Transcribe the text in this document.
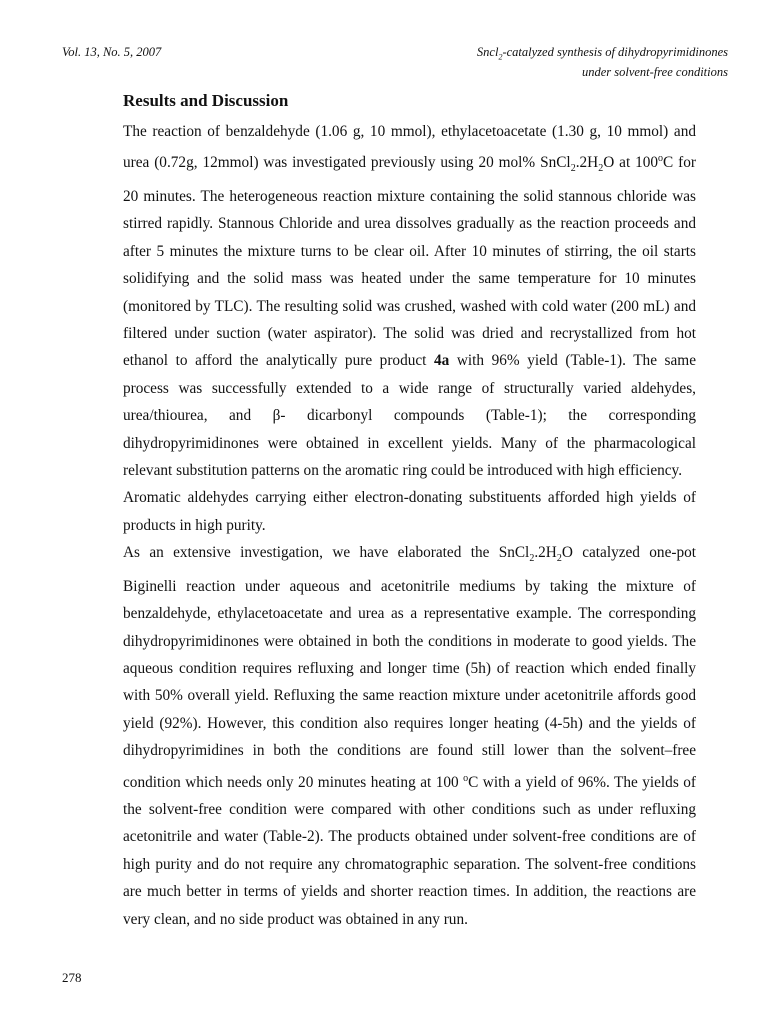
Vol. 13, No. 5, 2007	Sncl$_2$-catalyzed synthesis of dihydropyrimidinones
under solvent-free conditions
Results and Discussion

The reaction of benzaldehyde (1.06 g, 10 mmol), ethylacetoacetate (1.30 g, 10 mmol) and urea (0.72g, 12mmol) was investigated previously using 20 mol% $SnCl_2.2H_2O$ at 100$^o$C for 20 minutes. The heterogeneous reaction mixture containing the solid stannous chloride was stirred rapidly. Stannous Chloride and urea dissolves gradually as the reaction proceeds and after 5 minutes the mixture turns to be clear oil. After 10 minutes of stirring, the oil starts solidifying and the solid mass was heated under the same temperature for 10 minutes (monitored by TLC). The resulting solid was crushed, washed with cold water (200 mL) and filtered under suction (water aspirator). The solid was dried and recrystallized from hot ethanol to afford the analytically pure product 4a with 96% yield (Table-1). The same process was successfully extended to a wide range of structurally varied aldehydes, urea/thiourea, and β- dicarbonyl compounds (Table-1); the corresponding dihydropyrimidinones were obtained in excellent yields. Many of the pharmacological relevant substitution patterns on the aromatic ring could be introduced with high efficiency.

Aromatic aldehydes carrying either electron-donating substituents afforded high yields of products in high purity.

As an extensive investigation, we have elaborated the $SnCl_2.2H_2O$ catalyzed one-pot Biginelli reaction under aqueous and acetonitrile mediums by taking the mixture of benzaldehyde, ethylacetoacetate and urea as a representative example. The corresponding dihydropyrimidinones were obtained in both the conditions in moderate to good yields. The aqueous condition requires refluxing and longer time (5h) of reaction which ended finally with 50% overall yield. Refluxing the same reaction mixture under acetonitrile affords good yield (92%). However, this condition also requires longer heating (4-5h) and the yields of dihydropyrimidines in both the conditions are found still lower than the solvent–free condition which needs only 20 minutes heating at 100 $^o$C with a yield of 96%. The yields of the solvent-free condition were compared with other conditions such as under refluxing acetonitrile and water (Table-2). The products obtained under solvent-free conditions are of high purity and do not require any chromatographic separation. The solvent-free conditions are much better in terms of yields and shorter reaction times. In addition, the reactions are very clean, and no side product was obtained in any run.

278
